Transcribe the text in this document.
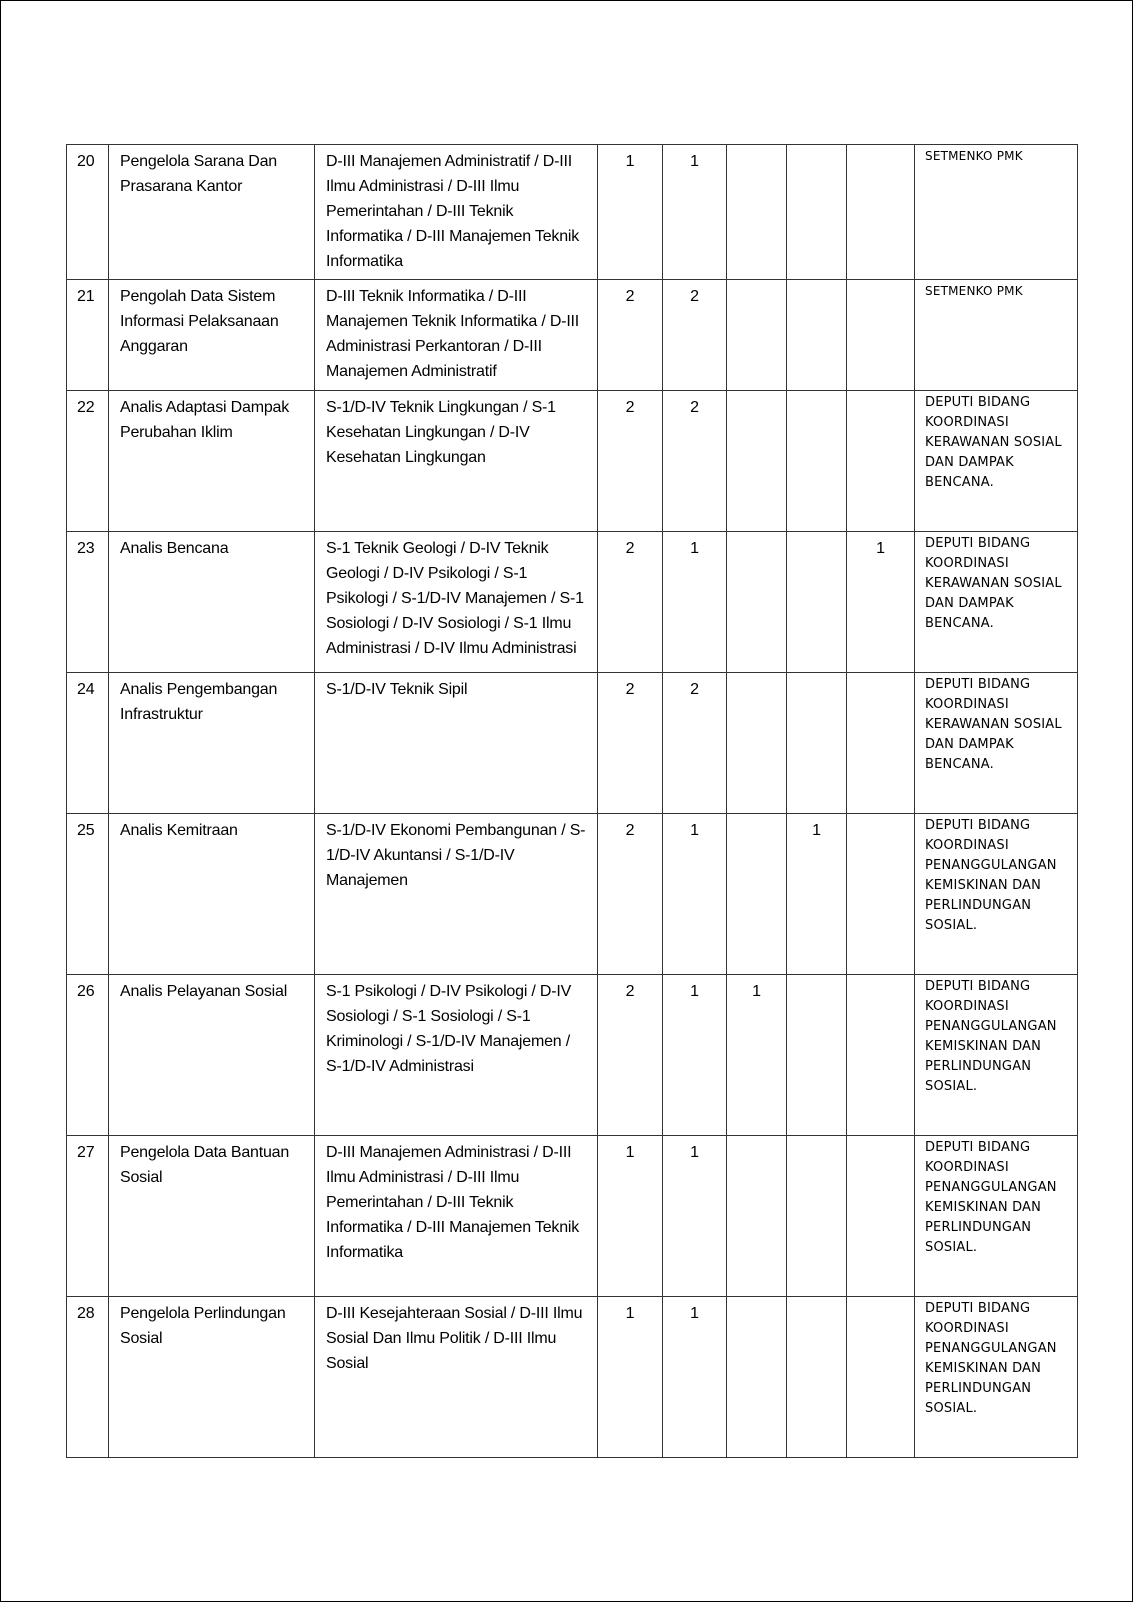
20	Pengelola Sarana Dan Prasarana Kantor	D-III Manajemen Administratif / D-III Ilmu Administrasi / D-III Ilmu Pemerintahan / D-III Teknik Informatika / D-III Manajemen Teknik Informatika	1	1				SETMENKO PMK

21	Pengolah Data Sistem Informasi Pelaksanaan Anggaran	D-III Teknik Informatika / D-III Manajemen Teknik Informatika / D-III Administrasi Perkantoran / D-III Manajemen Administratif	2	2				SETMENKO PMK

22	Analis Adaptasi Dampak Perubahan Iklim	S-1/D-IV Teknik Lingkungan / S-1 Kesehatan Lingkungan / D-IV Kesehatan Lingkungan	2	2				DEPUTI BIDANG KOORDINASI KERAWANAN SOSIAL DAN DAMPAK BENCANA.

23	Analis Bencana	S-1 Teknik Geologi / D-IV Teknik Geologi / D-IV Psikologi / S-1 Psikologi / S-1/D-IV Manajemen / S-1 Sosiologi / D-IV Sosiologi / S-1 Ilmu Administrasi / D-IV Ilmu Administrasi	2	1			1	DEPUTI BIDANG KOORDINASI KERAWANAN SOSIAL DAN DAMPAK BENCANA.

24	Analis Pengembangan Infrastruktur	S-1/D-IV Teknik Sipil	2	2				DEPUTI BIDANG KOORDINASI KERAWANAN SOSIAL DAN DAMPAK BENCANA.

25	Analis Kemitraan	S-1/D-IV Ekonomi Pembangunan / S-1/D-IV Akuntansi / S-1/D-IV Manajemen	2	1		1		DEPUTI BIDANG KOORDINASI PENANGGULANGAN KEMISKINAN DAN PERLINDUNGAN SOSIAL.

26	Analis Pelayanan Sosial	S-1 Psikologi / D-IV Psikologi / D-IV Sosiologi / S-1 Sosiologi / S-1 Kriminologi / S-1/D-IV Manajemen / S-1/D-IV Administrasi	2	1	1			DEPUTI BIDANG KOORDINASI PENANGGULANGAN KEMISKINAN DAN PERLINDUNGAN SOSIAL.

27	Pengelola Data Bantuan Sosial	D-III Manajemen Administrasi / D-III Ilmu Administrasi / D-III Ilmu Pemerintahan / D-III Teknik Informatika / D-III Manajemen Teknik Informatika	1	1				DEPUTI BIDANG KOORDINASI PENANGGULANGAN KEMISKINAN DAN PERLINDUNGAN SOSIAL.

28	Pengelola Perlindungan Sosial	D-III Kesejahteraan Sosial / D-III Ilmu Sosial Dan Ilmu Politik / D-III Ilmu Sosial	1	1				DEPUTI BIDANG KOORDINASI PENANGGULANGAN KEMISKINAN DAN PERLINDUNGAN SOSIAL.
